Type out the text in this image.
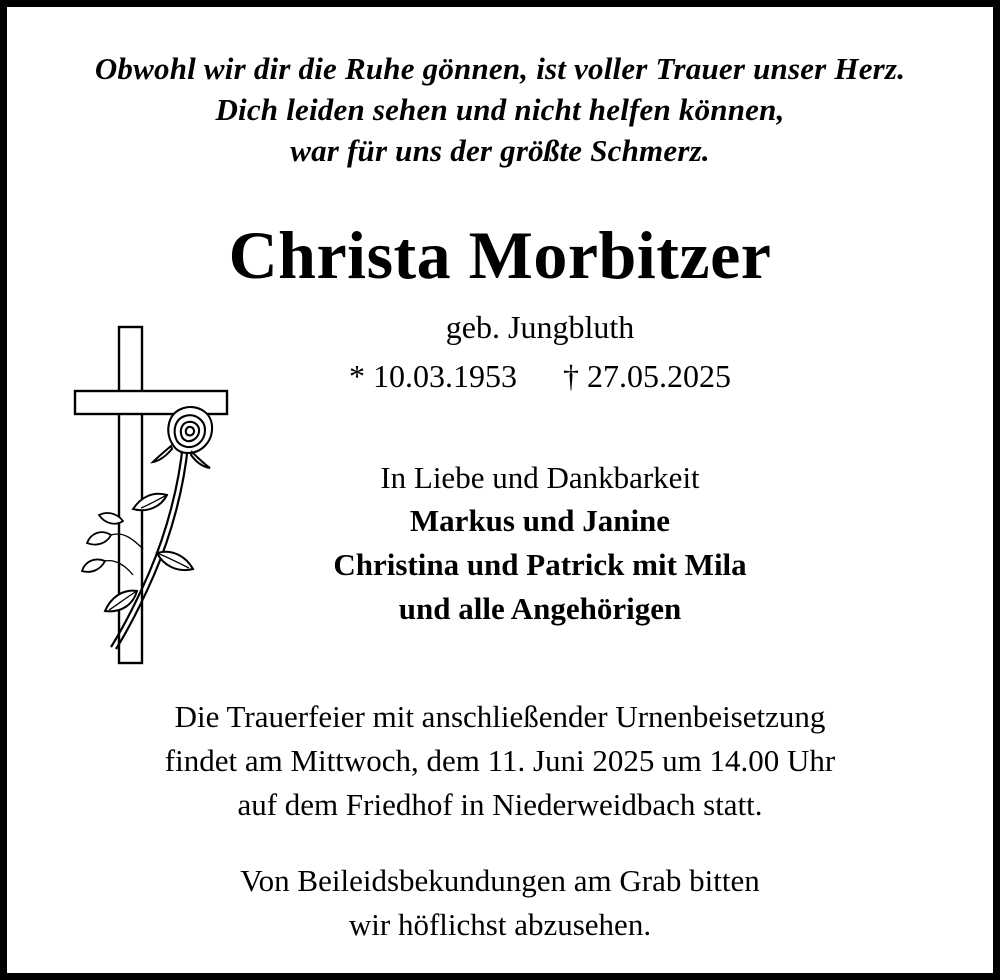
Obwohl wir dir die Ruhe gönnen, ist voller Trauer unser Herz.
Dich leiden sehen und nicht helfen können,
war für uns der größte Schmerz.
Christa Morbitzer
geb. Jungbluth
* 10.03.1953 † 27.05.2025
In Liebe und Dankbarkeit
Markus und Janine
Christina und Patrick mit Mila
und alle Angehörigen
Die Trauerfeier mit anschließender Urnenbeisetzung
findet am Mittwoch, dem 11. Juni 2025 um 14.00 Uhr
auf dem Friedhof in Niederweidbach statt.
Von Beileidsbekundungen am Grab bitten
wir höflichst abzusehen.
